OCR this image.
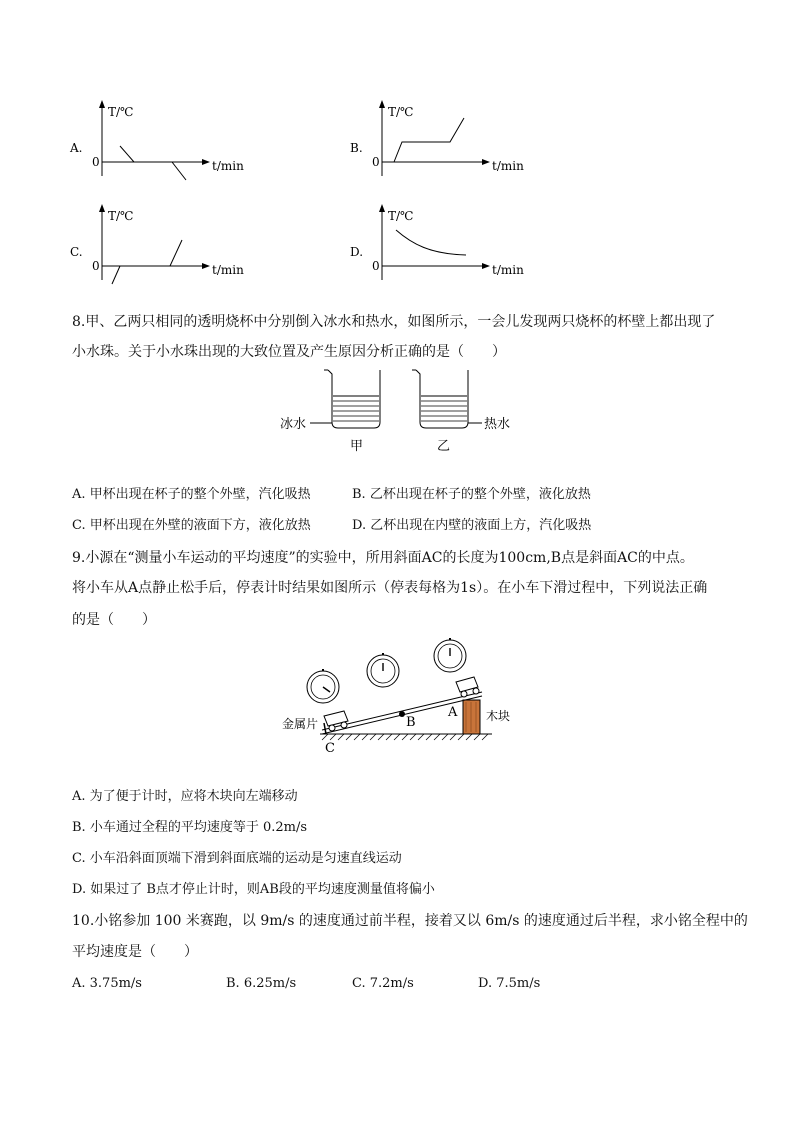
A.
T/℃
t/min
0
B.
T/℃
t/min
0
C.
T/℃
t/min
0
D.
T/℃
t/min
0
8.甲、乙两只相同的透明烧杯中分别倒入冰水和热水，如图所示，一会儿发现两只烧杯的杯壁上都出现了
小水珠。关于小水珠出现的大致位置及产生原因分析正确的是（　　）
冰水	热水
甲	乙
A. 甲杯出现在杯子的整个外壁，汽化吸热	B. 乙杯出现在杯子的整个外壁，液化放热
C. 甲杯出现在外壁的液面下方，液化放热	D. 乙杯出现在内壁的液面上方，汽化吸热
9.小源在“测量小车运动的平均速度”的实验中，所用斜面AC的长度为100cm,B点是斜面AC的中点。
将小车从A点静止松手后，停表计时结果如图所示（停表每格为1s）。在小车下滑过程中，下列说法正确
的是（　　）
金属片
木块
A
B
C
A. 为了便于计时，应将木块向左端移动
B. 小车通过全程的平均速度等于 0.2m/s
C. 小车沿斜面顶端下滑到斜面底端的运动是匀速直线运动
D. 如果过了 B点才停止计时，则AB段的平均速度测量值将偏小
10.小铭参加 100 米赛跑，以 9m/s 的速度通过前半程，接着又以 6m/s 的速度通过后半程，求小铭全程中的
平均速度是（　　）
A. 3.75m/s	B. 6.25m/s	C. 7.2m/s	D. 7.5m/s
